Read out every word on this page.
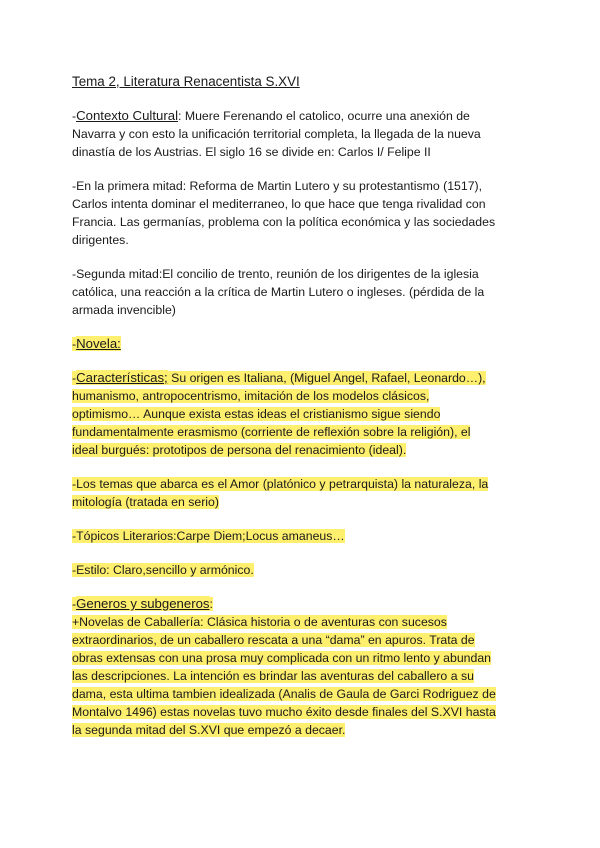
Tema 2, Literatura Renacentista S.XVI
-Contexto Cultural: Muere Ferenando el catolico, ocurre una anexión de
Navarra y con esto la unificación territorial completa, la llegada de la nueva
dinastía de los Austrias. El siglo 16 se divide en: Carlos I/ Felipe II
-En la primera mitad: Reforma de Martin Lutero y su protestantismo (1517),
Carlos intenta dominar el mediterraneo, lo que hace que tenga rivalidad con
Francia. Las germanías, problema con la política económica y las sociedades
dirigentes.
-Segunda mitad:El concilio de trento, reunión de los dirigentes de la iglesia
católica, una reacción a la crítica de Martin Lutero o ingleses. (pérdida de la
armada invencible)
-Novela:
-Características; Su origen es Italiana, (Miguel Angel, Rafael, Leonardo…),
humanismo, antropocentrismo, imitación de los modelos clásicos,
optimismo… Aunque exista estas ideas el cristianismo sigue siendo
fundamentalmente erasmismo (corriente de reflexión sobre la religión), el
ideal burgués: prototipos de persona del renacimiento (ideal).
-Los temas que abarca es el Amor (platónico y petrarquista) la naturaleza, la
mitología (tratada en serio)
-Tópicos Literarios:Carpe Diem;Locus amaneus…
-Estilo: Claro,sencillo y armónico.
-Generos y subgeneros:
+Novelas de Caballería: Clásica historia o de aventuras con sucesos
extraordinarios, de un caballero rescata a una “dama” en apuros. Trata de
obras extensas con una prosa muy complicada con un ritmo lento y abundan
las descripciones. La intención es brindar las aventuras del caballero a su
dama, esta ultima tambien idealizada (Analis de Gaula de Garci Rodriguez de
Montalvo 1496) estas novelas tuvo mucho éxito desde finales del S.XVI hasta
la segunda mitad del S.XVI que empezó a decaer.
